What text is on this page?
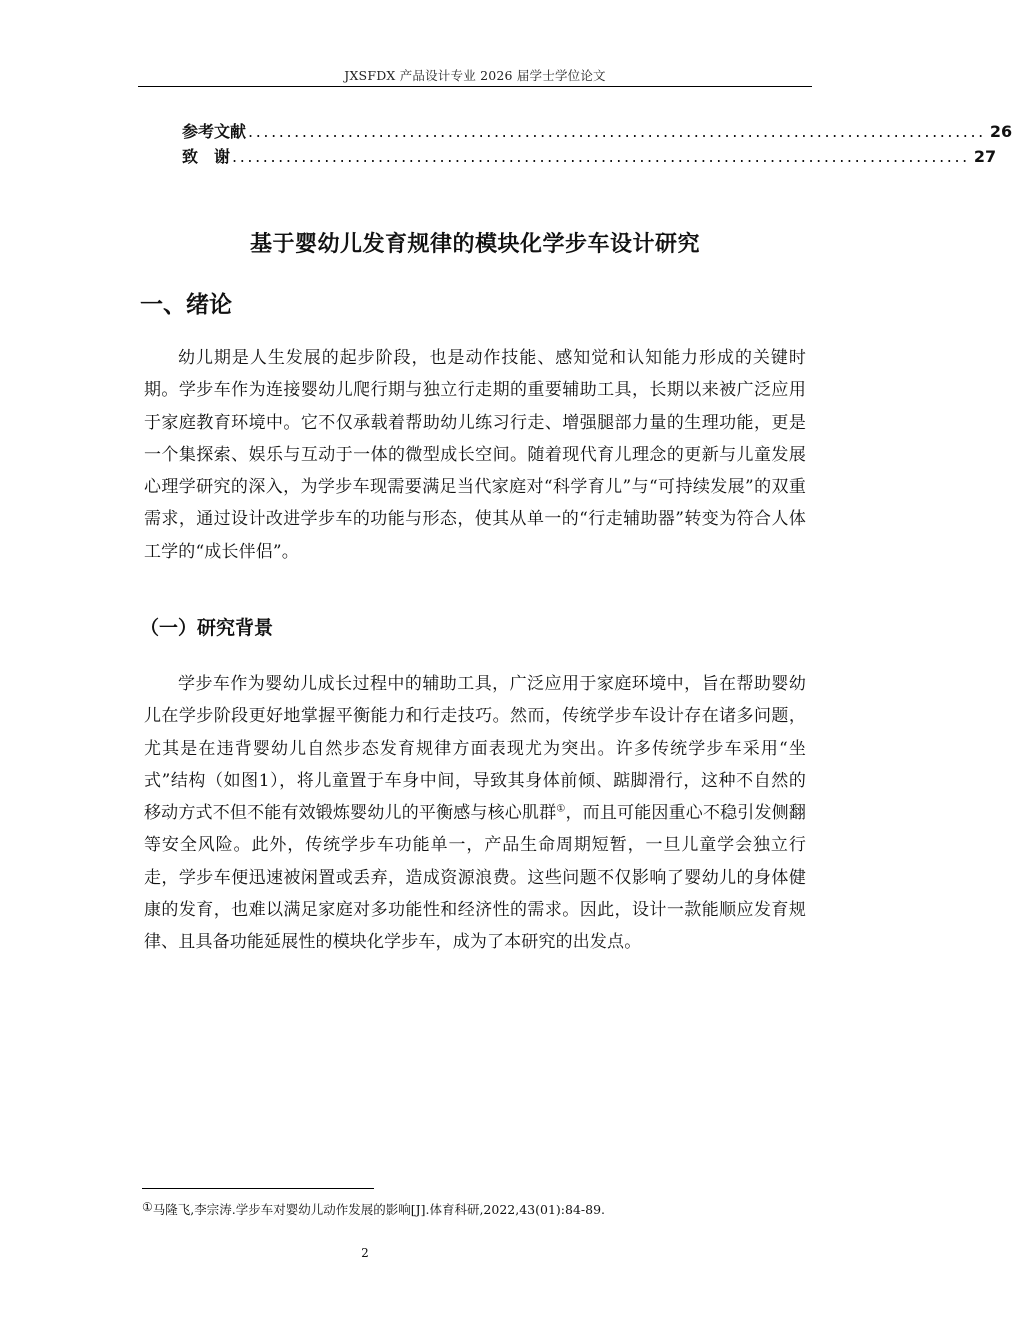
JXSFDX 产品设计专业 2026 届学士学位论文
参考文献 ................................................................................................ 26
致　谢 ................................................................................................ 27
基于婴幼儿发育规律的模块化学步车设计研究
一、绪论

幼儿期是人生发展的起步阶段，也是动作技能、感知觉和认知能力形成的关键时期。学步车作为连接婴幼儿爬行期与独立行走期的重要辅助工具，长期以来被广泛应用于家庭教育环境中。它不仅承载着帮助幼儿练习行走、增强腿部力量的生理功能，更是一个集探索、娱乐与互动于一体的微型成长空间。随着现代育儿理念的更新与儿童发展心理学研究的深入，为学步车现需要满足当代家庭对“科学育儿”与“可持续发展”的双重需求，通过设计改进学步车的功能与形态，使其从单一的“行走辅助器”转变为符合人体工学的“成长伴侣”。

（一）研究背景

学步车作为婴幼儿成长过程中的辅助工具，广泛应用于家庭环境中，旨在帮助婴幼儿在学步阶段更好地掌握平衡能力和行走技巧。然而，传统学步车设计存在诸多问题，尤其是在违背婴幼儿自然步态发育规律方面表现尤为突出。许多传统学步车采用“坐式”结构（如图1），将儿童置于车身中间，导致其身体前倾、踮脚滑行，这种不自然的移动方式不但不能有效锻炼婴幼儿的平衡感与核心肌群①，而且可能因重心不稳引发侧翻等安全风险。此外，传统学步车功能单一，产品生命周期短暂，一旦儿童学会独立行走，学步车便迅速被闲置或丢弃，造成资源浪费。这些问题不仅影响了婴幼儿的身体健康的发育，也难以满足家庭对多功能性和经济性的需求。因此，设计一款能顺应发育规律、且具备功能延展性的模块化学步车，成为了本研究的出发点。

①马隆飞,李宗涛.学步车对婴幼儿动作发展的影响[J].体育科研,2022,43(01):84-89.
2
